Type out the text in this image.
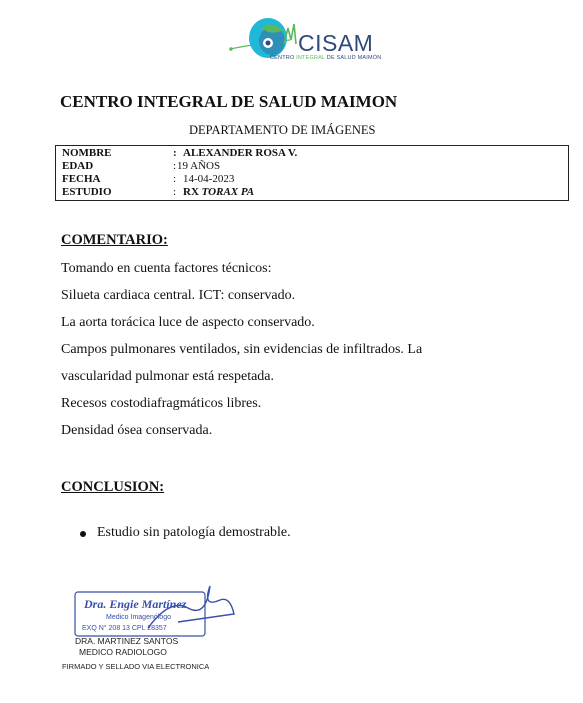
CISAM
CENTRO INTEGRAL DE SALUD MAIMÓN
CENTRO INTEGRAL DE SALUD MAIMON
DEPARTAMENTO DE IMÁGENES
NOMBRE	: ALEXANDER ROSA V.
EDAD	: 19 AÑOS
FECHA	: 14-04-2023
ESTUDIO	: RX TORAX PA
COMENTARIO:
Tomando en cuenta factores técnicos:
Silueta cardiaca central. ICT: conservado.
La aorta torácica luce de aspecto conservado.
Campos pulmonares ventilados, sin evidencias de infiltrados. La
vascularidad pulmonar está respetada.
Recesos costodiafragmáticos libres.
Densidad ósea conservada.
CONCLUSION:
Estudio sin patología demostrable.
Dra. Engie Martínez
Medico Imagenólogo
EXQ N° 208 13 CPL 28357
DRA. MARTINEZ SANTOS
MEDICO RADIOLOGO
FIRMADO Y SELLADO VIA ELECTRONICA
